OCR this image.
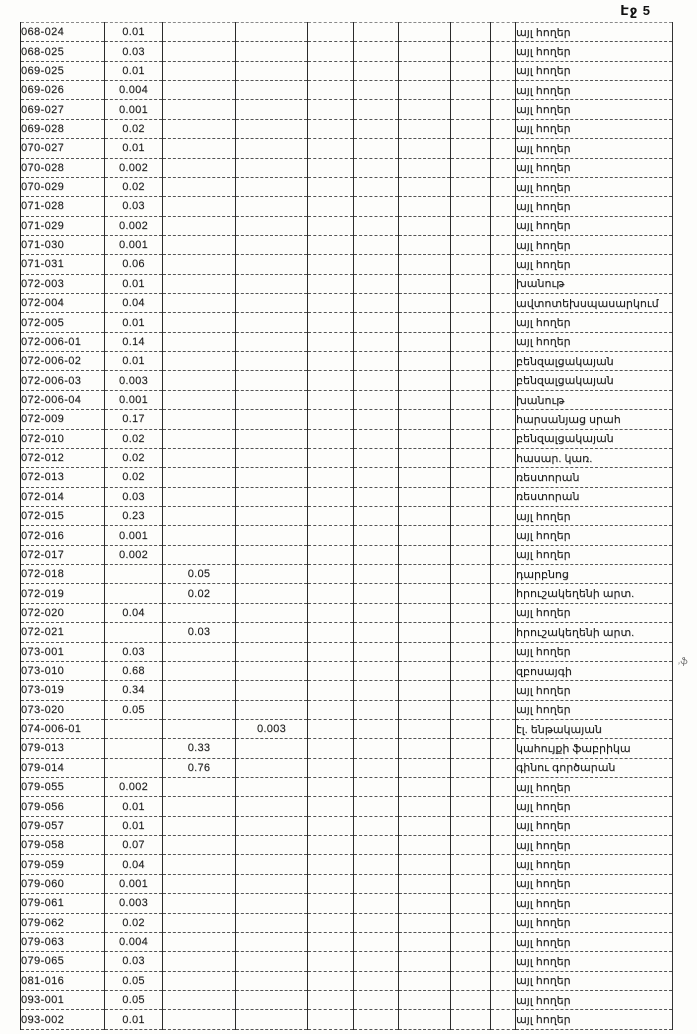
Էջ 5
068-024	0.01								այլ հողեր
068-025	0.03								այլ հողեր
069-025	0.01								այլ հողեր
069-026	0.004								այլ հողեր
069-027	0.001								այլ հողեր
069-028	0.02								այլ հողեր
070-027	0.01								այլ հողեր
070-028	0.002								այլ հողեր
070-029	0.02								այլ հողեր
071-028	0.03								այլ հողեր
071-029	0.002								այլ հողեր
071-030	0.001								այլ հողեր
071-031	0.06								այլ հողեր
072-003	0.01								խանութ
072-004	0.04								ավտոտեխսպասարկում
072-005	0.01								այլ հողեր
072-006-01	0.14								այլ հողեր
072-006-02	0.01								բենզալցակայան
072-006-03	0.003								բենզալցակայան
072-006-04	0.001								խանութ
072-009	0.17								հարսանյաց սրահ
072-010	0.02								բենզալցակայան
072-012	0.02								հասար. կառ.
072-013	0.02								ռեստորան
072-014	0.03								ռեստորան
072-015	0.23								այլ հողեր
072-016	0.001								այլ հողեր
072-017	0.002								այլ հողեր
072-018		0.05							դարբնոց
072-019		0.02							հրուշակեղենի արտ.
072-020	0.04								այլ հողեր
072-021		0.03							հրուշակեղենի արտ.
073-001	0.03								այլ հողեր
073-010	0.68								զբոսայգի
073-019	0.34								այլ հողեր
073-020	0.05								այլ հողեր
074-006-01			0.003						էլ. ենթակայան
079-013		0.33							կահույքի ֆաբրիկա
079-014		0.76							գինու գործարան
079-055	0.002								այլ հողեր
079-056	0.01								այլ հողեր
079-057	0.01								այլ հողեր
079-058	0.07								այլ հողեր
079-059	0.04								այլ հողեր
079-060	0.001								այլ հողեր
079-061	0.003								այլ հողեր
079-062	0.02								այլ հողեր
079-063	0.004								այլ հողեր
079-065	0.03								այլ հողեր
081-016	0.05								այլ հողեր
093-001	0.05								այլ հողեր
093-002	0.01								այլ հողեր
,ֆ
